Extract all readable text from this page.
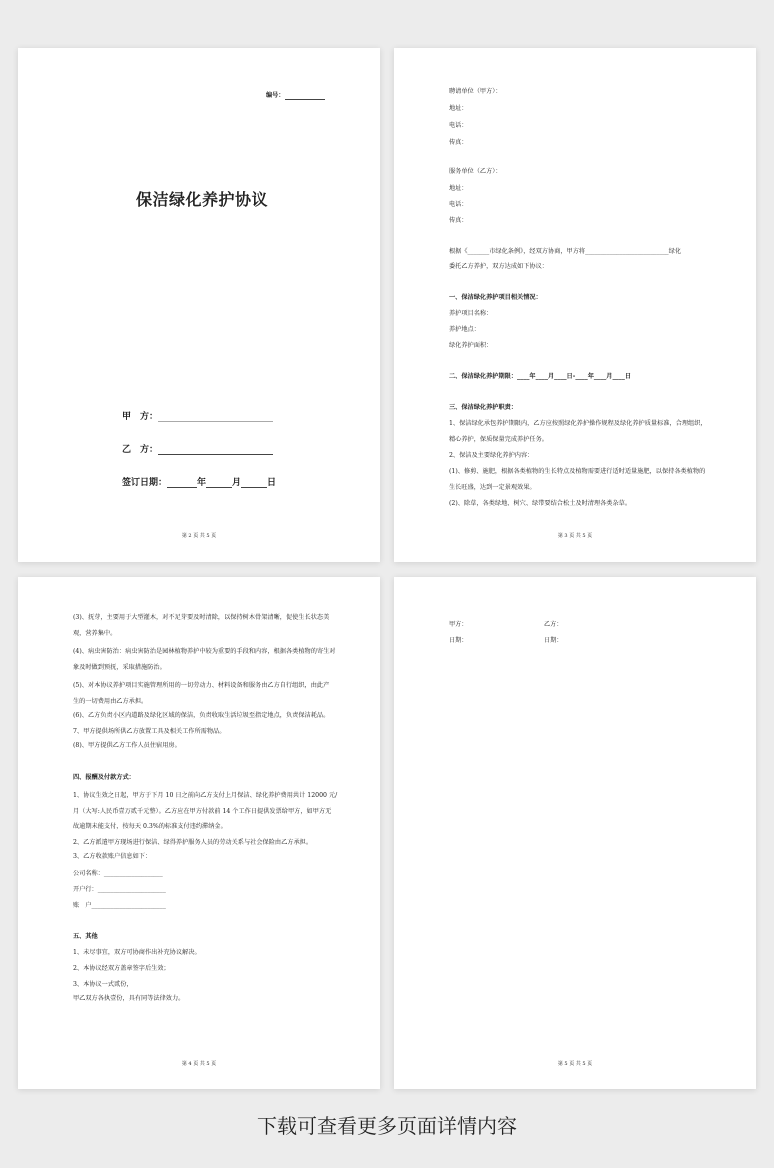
编号：
保洁绿化养护协议
甲　方：
乙　方：
签订日期：	年	月	日
第 2 页 共 5 页
聘请单位（甲方）：
地址：
电话：
传真：
服务单位（乙方）：
地址：
电话：
传真：
根据《_______市绿化条例》，经双方协商，甲方将___________________________绿化
委托乙方养护，双方达成如下协议：
一、保洁绿化养护项目相关情况：
养护项目名称：
养护地点：
绿化养护面积：
二、保洁绿化养护期限：____年____月____日-____年____月____日
三、保洁绿化养护职责：
1、保洁绿化承包养护期限内，乙方应按照绿化养护操作规程及绿化养护质量标准，合理组织，
精心养护，保质保量完成养护任务。
2、保洁及主要绿化养护内容：
(1)、修剪、施肥，根据各类植物的生长特点及植物需要进行适时适量施肥，以保持各类植物的
生长旺盛，达到一定景观效果。
(2)、除草，各类绿地、树穴、绿带要结合松土及时清理各类杂草。
第 3 页 共 5 页
(3)、抚芽，主要用于大型灌木，对不足芽要及时清除，以保持树木骨架清晰，促使生长状态美
观，营养集中。
(4)、病虫害防治：病虫害防治是园林植物养护中较为重要的手段和内容，根据各类植物的寄生对
象及时做到预抚，采取措施防治。
(5)、对本协议养护项目实施管理所用的一切劳动力、材料设备和服务由乙方自行组织，由此产
生的一切费用由乙方承担。
(6)、乙方负责小区内道路及绿化区域的保洁，负责收取生活垃圾至指定地点，负责保洁耗品。
7、甲方提供场所供乙方放置工具及相关工作所需物品。
(8)、甲方提供乙方工作人员住宿用房。
四、报酬及付款方式：
1、协议生效之日起，甲方于下月 10 日之前向乙方支付上月保洁、绿化养护费用共计 12000 元/
月（大写:人民币壹万贰千元整）。乙方应在甲方付款前 14 个工作日提供发票给甲方，如甲方无
故逾期未能支付，按每天 0.3%的标准支付违约滞纳金。
2、乙方派遣甲方现场进行保洁、绿得养护服务人员的劳动关系与社会保险由乙方承担。
3、乙方收款账户信息如下：
公司名称：___________________
开户行：______________________
账　户________________________
五、其他
1、未尽事宜，双方可协商作出补充协议解决。
2、本协议经双方盖章签字后生效；
3、本协议一式贰份，
甲乙双方各执壹份，具有同等法律效力。
第 4 页 共 5 页
甲方：	乙方：
日期：	日期：
第 5 页 共 5 页
下载可查看更多页面详情内容
